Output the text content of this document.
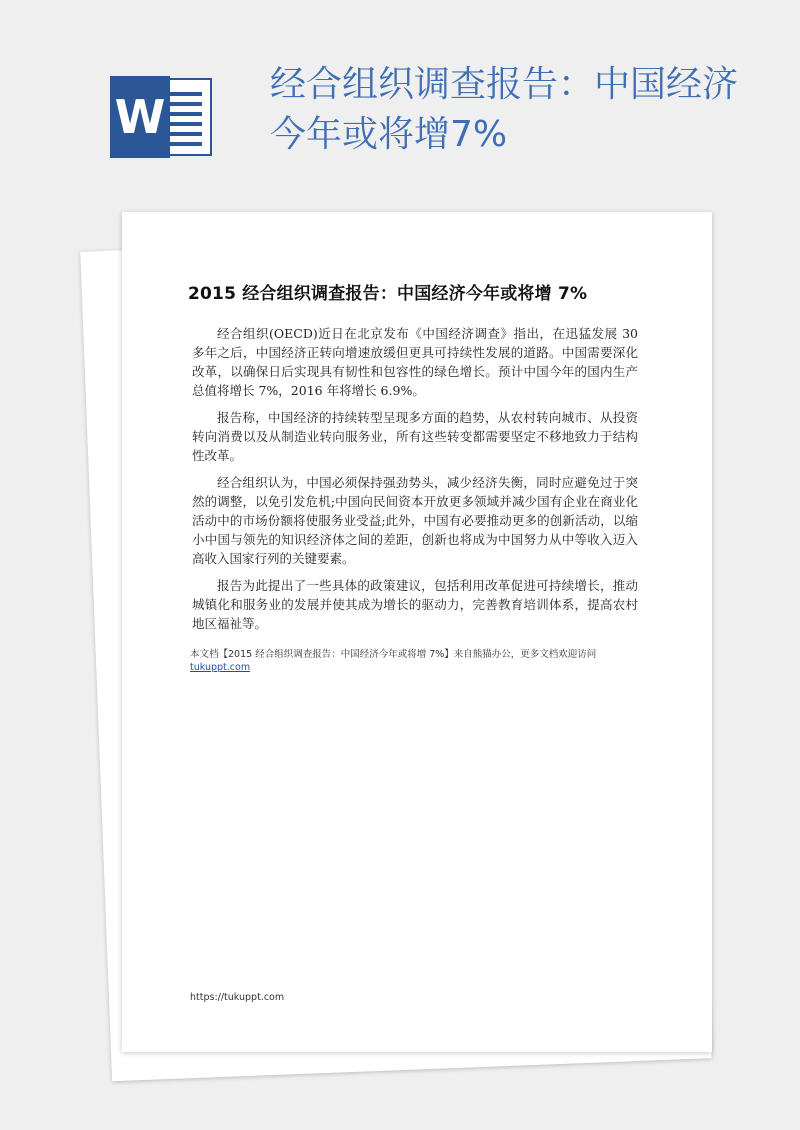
W
经合组织调查报告：中国经济今年或将增7%
2015 经合组织调查报告：中国经济今年或将增 7%

经合组织(OECD)近日在北京发布《中国经济调查》指出，在迅猛发展 30 多年之后，中国经济正转向增速放缓但更具可持续性发展的道路。中国需要深化改革，以确保日后实现具有韧性和包容性的绿色增长。预计中国今年的国内生产总值将增长 7%，2016 年将增长 6.9%。

报告称，中国经济的持续转型呈现多方面的趋势，从农村转向城市、从投资转向消费以及从制造业转向服务业，所有这些转变都需要坚定不移地致力于结构性改革。

经合组织认为，中国必须保持强劲势头，减少经济失衡，同时应避免过于突然的调整，以免引发危机;中国向民间资本开放更多领域并减少国有企业在商业化活动中的市场份额将使服务业受益;此外，中国有必要推动更多的创新活动，以缩小中国与领先的知识经济体之间的差距，创新也将成为中国努力从中等收入迈入高收入国家行列的关键要素。

报告为此提出了一些具体的政策建议，包括利用改革促进可持续增长，推动城镇化和服务业的发展并使其成为增长的驱动力，完善教育培训体系，提高农村地区福祉等。

本文档【2015 经合组织调查报告：中国经济今年或将增 7%】来自熊猫办公，更多文档欢迎访问
tukuppt.com
https://tukuppt.com
